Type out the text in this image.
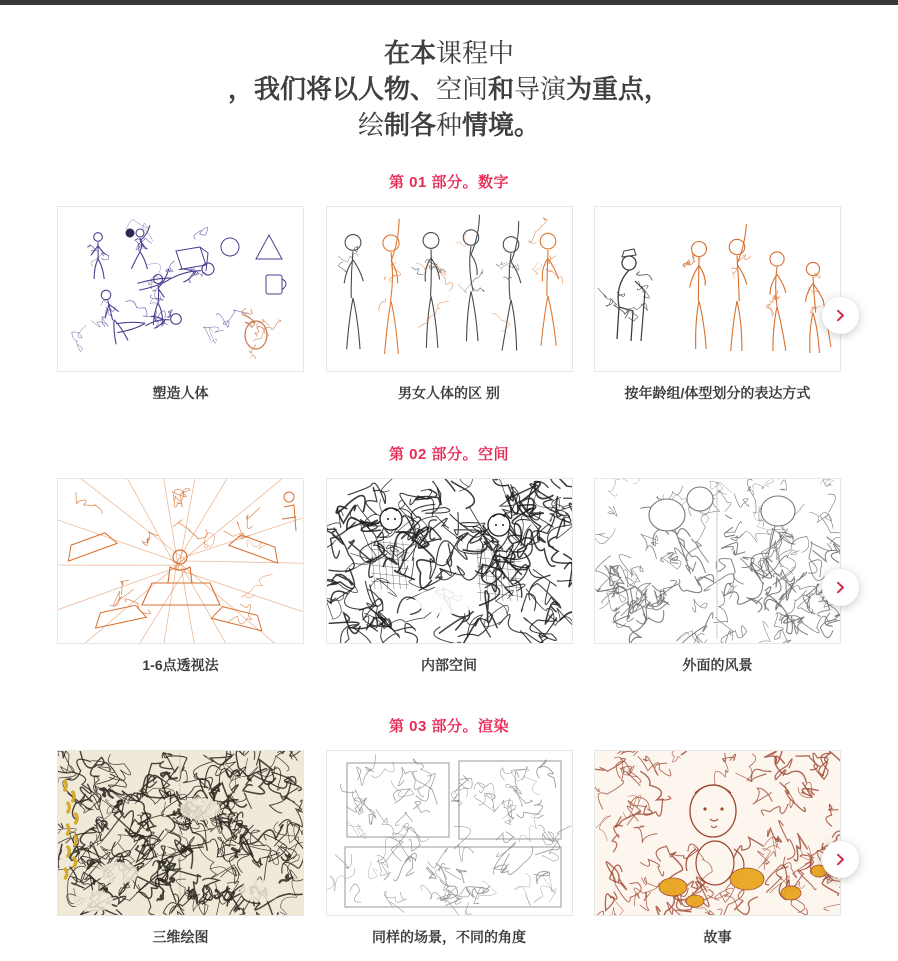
在本课程中
，我们将以人物、空间和导演为重点，
绘制各种情境。
第 01 部分。数字
塑造人体	男女人体的区 别	按年龄组/体型划分的表达方式
第 02 部分。空间
1-6点透视法	内部空间	外面的风景
第 03 部分。渲染
三维绘图	同样的场景，不同的角度	故事
